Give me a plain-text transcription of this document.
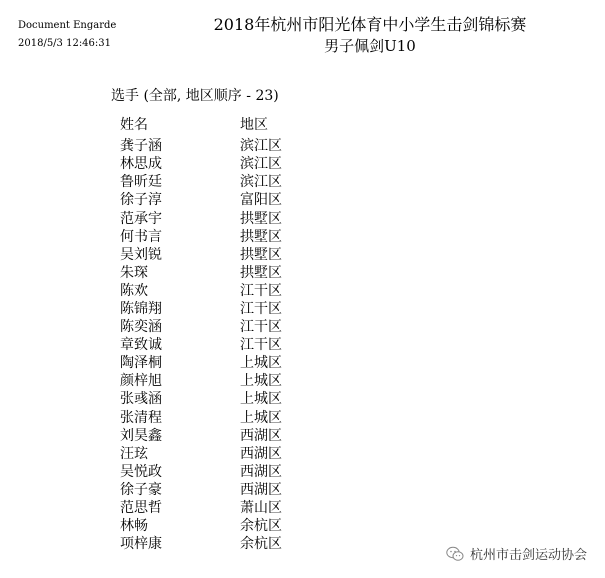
Document Engarde
2018/5/3 12:46:31
2018年杭州市阳光体育中小学生击剑锦标赛
男子佩剑U10
选手 (全部, 地区顺序 - 23)
姓名	地区
龚子涵	滨江区
林思成	滨江区
鲁昕廷	滨江区
徐子淳	富阳区
范承宇	拱墅区
何书言	拱墅区
吴刘锐	拱墅区
朱琛	拱墅区
陈欢	江干区
陈锦翔	江干区
陈奕涵	江干区
章致诚	江干区
陶泽桐	上城区
颜梓旭	上城区
张彧涵	上城区
张清程	上城区
刘昊鑫	西湖区
汪玹	西湖区
吴悦政	西湖区
徐子豪	西湖区
范思哲	萧山区
林畅	余杭区
项梓康	余杭区
杭州市击剑运动协会
